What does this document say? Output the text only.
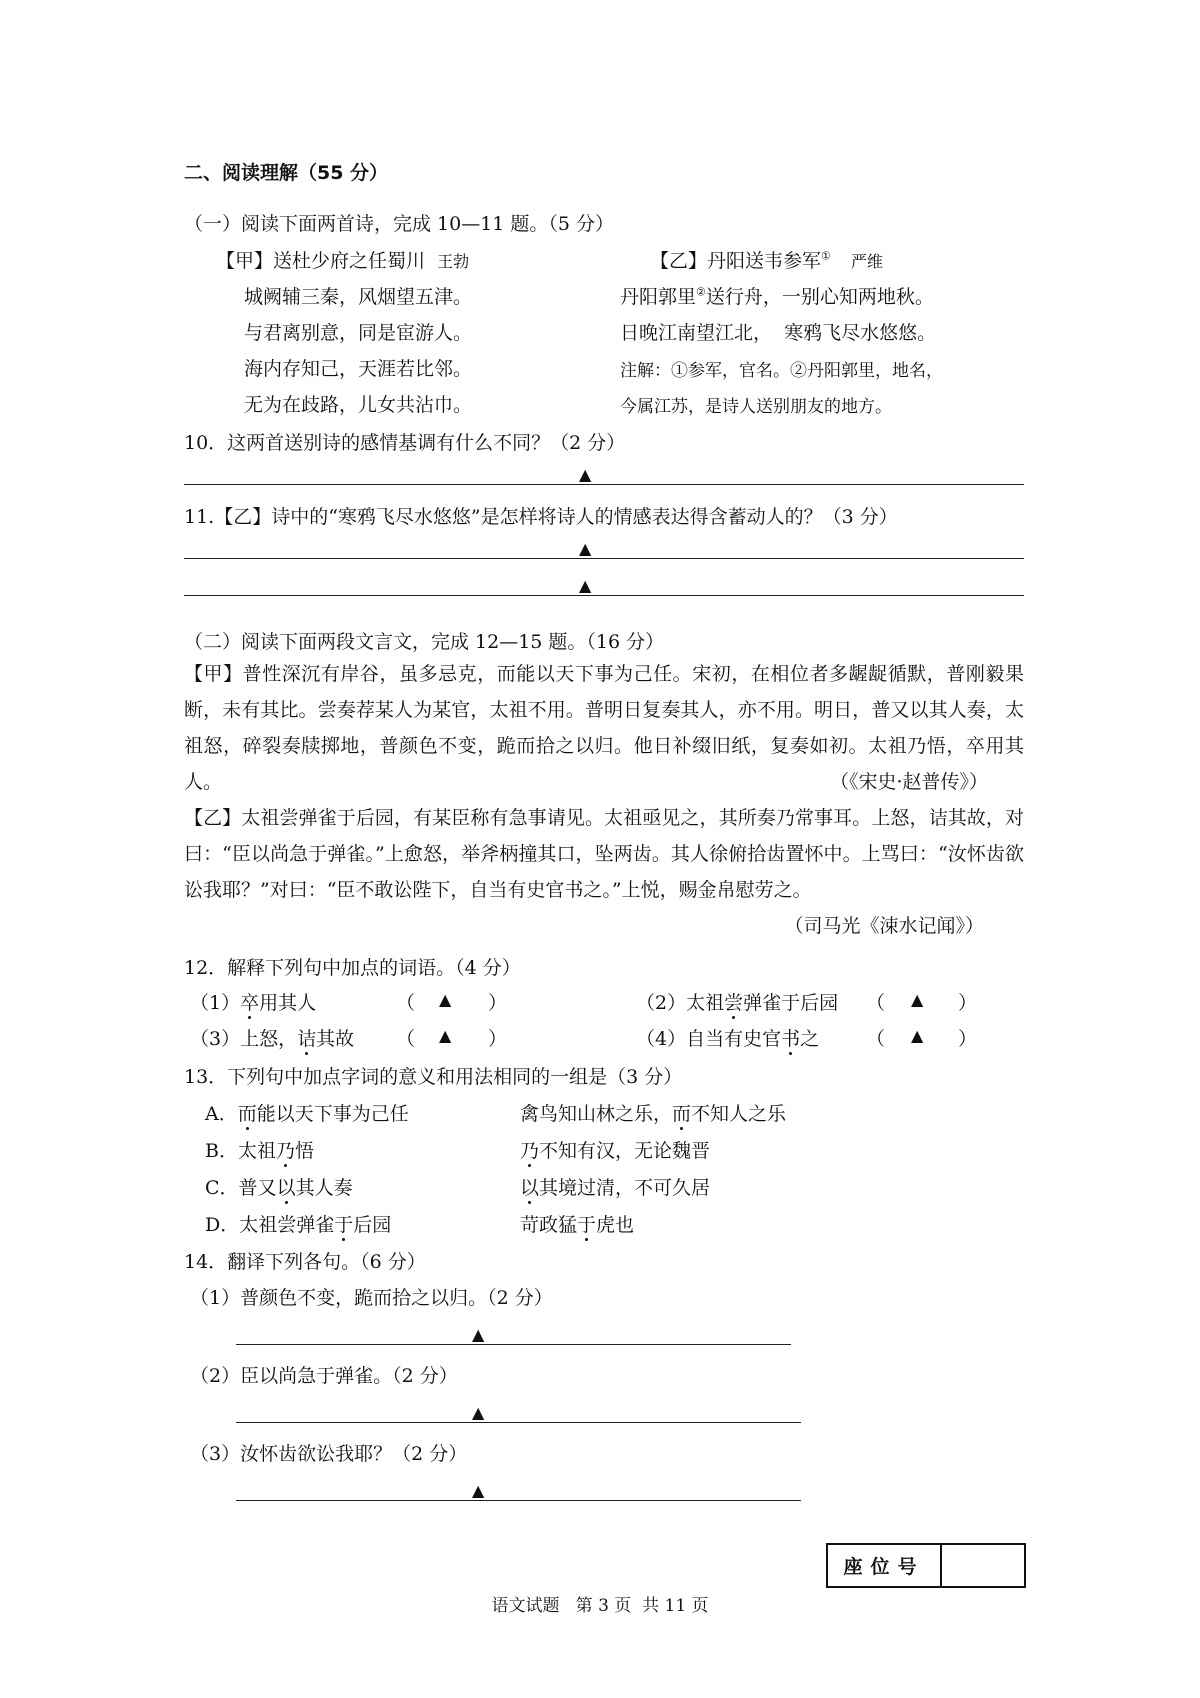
二、阅读理解（55 分）
（一）阅读下面两首诗，完成 10—11 题。（5 分）
【甲】送杜少府之任蜀川 王勃
城阙辅三秦，风烟望五津。
与君离别意，同是宦游人。
海内存知己，天涯若比邻。
无为在歧路，儿女共沾巾。
【乙】丹阳送韦参军① 严维
丹阳郭里②送行舟，一别心知两地秋。
日晚江南望江北，  寒鸦飞尽水悠悠。
注解：①参军，官名。②丹阳郭里，地名，
今属江苏，是诗人送别朋友的地方。
10．这两首送别诗的感情基调有什么不同？（2 分）
▲
11.【乙】诗中的“寒鸦飞尽水悠悠”是怎样将诗人的情感表达得含蓄动人的？（3 分）
▲
▲
（二）阅读下面两段文言文，完成 12—15 题。（16 分）
【甲】普性深沉有岸谷，虽多忌克，而能以天下事为己任。宋初，在相位者多龌龊循默，普刚毅果断，未有其比。尝奏荐某人为某官，太祖不用。普明日复奏其人，亦不用。明日，普又以其人奏，太祖怒，碎裂奏牍掷地，普颜色不变，跪而拾之以归。他日补缀旧纸，复奏如初。太祖乃悟，卒用其人。	（《宋史·赵普传》）
【乙】太祖尝弹雀于后园，有某臣称有急事请见。太祖亟见之，其所奏乃常事耳。上怒，诘其故，对曰：“臣以尚急于弹雀。”上愈怒，举斧柄撞其口，坠两齿。其人徐俯拾齿置怀中。上骂曰：“汝怀齿欲讼我耶？”对曰：“臣不敢讼陛下，自当有史官书之。”上悦，赐金帛慰劳之。
（司马光《涑水记闻》）
12．解释下列句中加点的词语。（4 分）
（1）卒用其人	（ ▲ ）	（2）太祖尝弹雀于后园 （ ▲ ）
（3）上怒，诘其故 （ ▲ ）	（4）自当有史官书之 （ ▲ ）
13．下列句中加点字词的意义和用法相同的一组是（3 分）
A．而能以天下事为己任	禽鸟知山林之乐，而不知人之乐
B．太祖乃悟	乃不知有汉，无论魏晋
C．普又以其人奏	以其境过清，不可久居
D．太祖尝弹雀于后园	苛政猛于虎也
14．翻译下列各句。（6 分）
（1）普颜色不变，跪而拾之以归。（2 分）
▲
（2）臣以尚急于弹雀。（2 分）
▲
（3）汝怀齿欲讼我耶？（2 分）
▲
座位号
语文试题   第 3 页  共 11 页
